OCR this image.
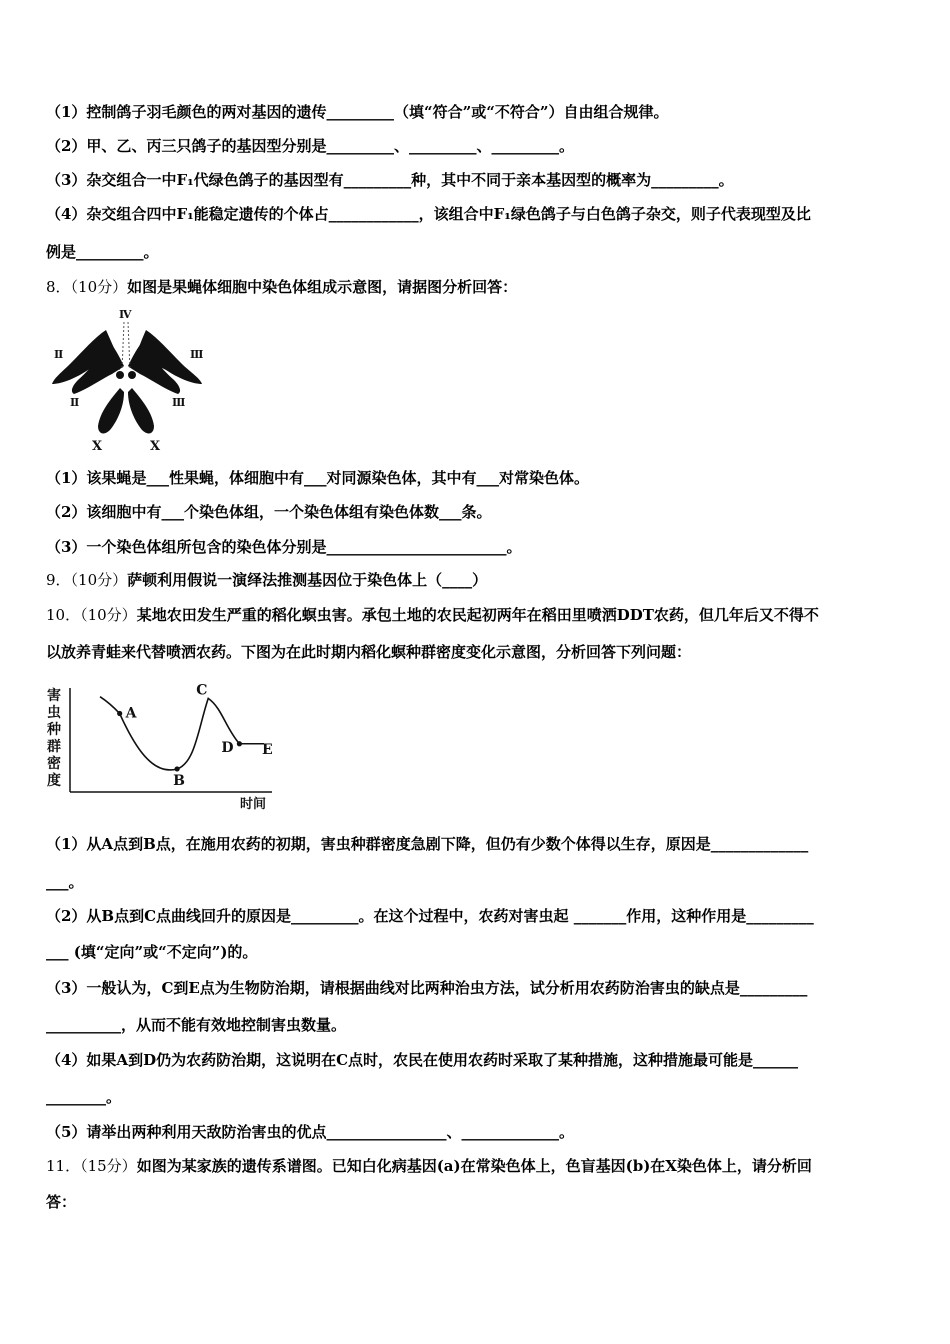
（1）控制鸽子羽毛颜色的两对基因的遗传_________（填“符合”或“不符合”）自由组合规律。
（2）甲、乙、丙三只鸽子的基因型分别是_________、_________、_________。
（3）杂交组合一中F₁代绿色鸽子的基因型有_________种，其中不同于亲本基因型的概率为_________。
（4）杂交组合四中F₁能稳定遗传的个体占____________，该组合中F₁绿色鸽子与白色鸽子杂交，则子代表现型及比
例是_________。
8．（10分）如图是果蝇体细胞中染色体组成示意图，请据图分析回答：
Ⅳ
Ⅱ	Ⅲ
Ⅱ	Ⅲ
X	X
（1）该果蝇是___性果蝇，体细胞中有___对同源染色体，其中有___对常染色体。
（2）该细胞中有___个染色体组，一个染色体组有染色体数___条。
（3）一个染色体组所包含的染色体分别是________________________。
9．（10分）萨顿利用假说一演绎法推测基因位于染色体上（____）
10．（10分）某地农田发生严重的稻化螟虫害。承包土地的农民起初两年在稻田里喷洒DDT农药，但几年后又不得不
以放养青蛙来代替喷洒农药。下图为在此时期内稻化螟种群密度变化示意图，分析回答下列问题：
害
虫
种
群
密
度
时间
A
B
C
D E
（1）从A点到B点，在施用农药的初期，害虫种群密度急剧下降，但仍有少数个体得以生存，原因是_____________
___。
（2）从B点到C点曲线回升的原因是_________。在这个过程中，农药对害虫起 _______作用，这种作用是_________
___ (填“定向”或“不定向”)的。
（3）一般认为，C到E点为生物防治期，请根据曲线对比两种治虫方法，试分析用农药防治害虫的缺点是_________
__________，从而不能有效地控制害虫数量。
（4）如果A到D仍为农药防治期，这说明在C点时，农民在使用农药时采取了某种措施，这种措施最可能是______
________。
（5）请举出两种利用天敌防治害虫的优点________________、_____________。
11．（15分）如图为某家族的遗传系谱图。已知白化病基因(a)在常染色体上，色盲基因(b)在X染色体上，请分析回
答：
